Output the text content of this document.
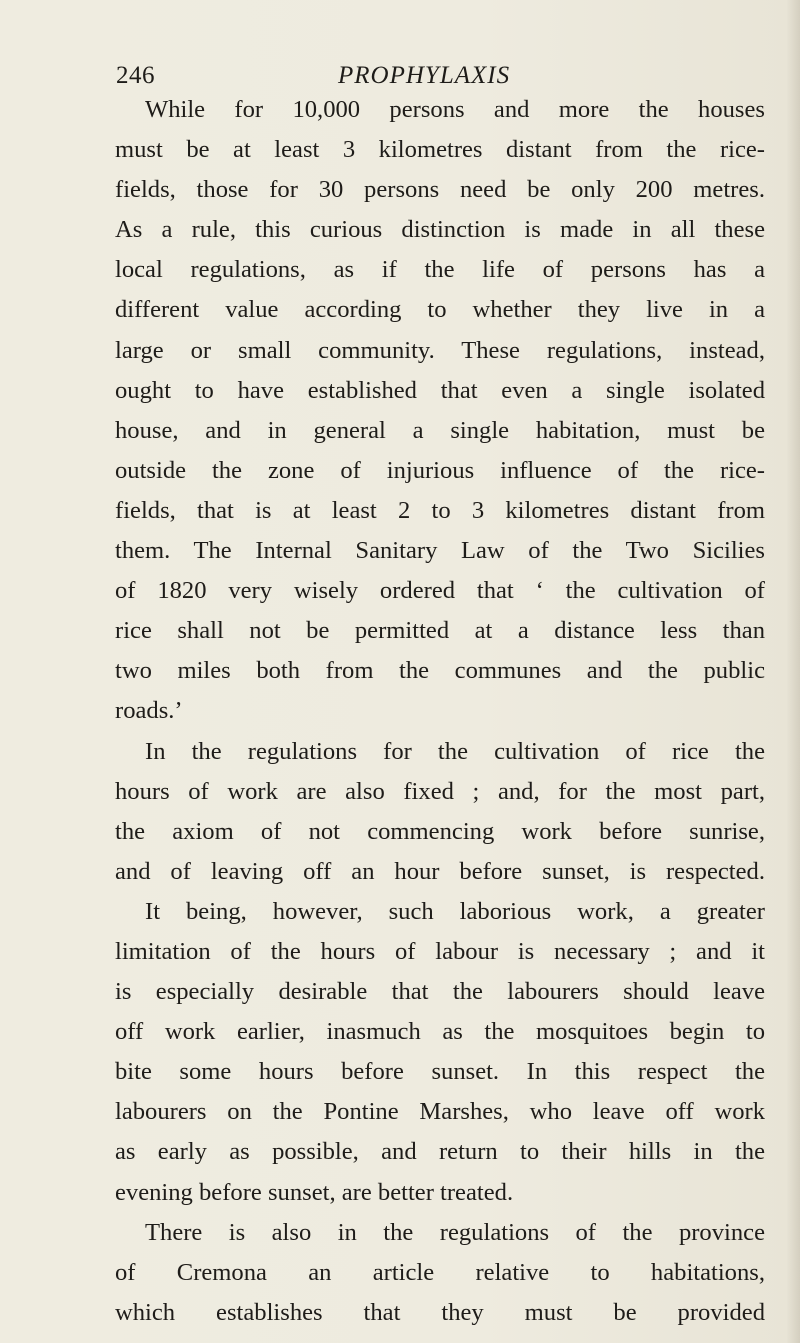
246	PROPHYLAXIS
While for 10,000 persons and more the houses
must be at least 3 kilometres distant from the rice-
fields, those for 30 persons need be only 200 metres.
As a rule, this curious distinction is made in all these
local regulations, as if the life of persons has a
different value according to whether they live in a
large or small community. These regulations, instead,
ought to have established that even a single isolated
house, and in general a single habitation, must be
outside the zone of injurious influence of the rice-
fields, that is at least 2 to 3 kilometres distant from
them. The Internal Sanitary Law of the Two Sicilies
of 1820 very wisely ordered that ‘ the cultivation of
rice shall not be permitted at a distance less than
two miles both from the communes and the public
roads.’
In the regulations for the cultivation of rice the
hours of work are also fixed ; and, for the most part,
the axiom of not commencing work before sunrise,
and of leaving off an hour before sunset, is respected.
It being, however, such laborious work, a greater
limitation of the hours of labour is necessary ; and it
is especially desirable that the labourers should leave
off work earlier, inasmuch as the mosquitoes begin to
bite some hours before sunset. In this respect the
labourers on the Pontine Marshes, who leave off work
as early as possible, and return to their hills in the
evening before sunset, are better treated.
There is also in the regulations of the province
of Cremona an article relative to habitations,
which establishes that they must be provided
